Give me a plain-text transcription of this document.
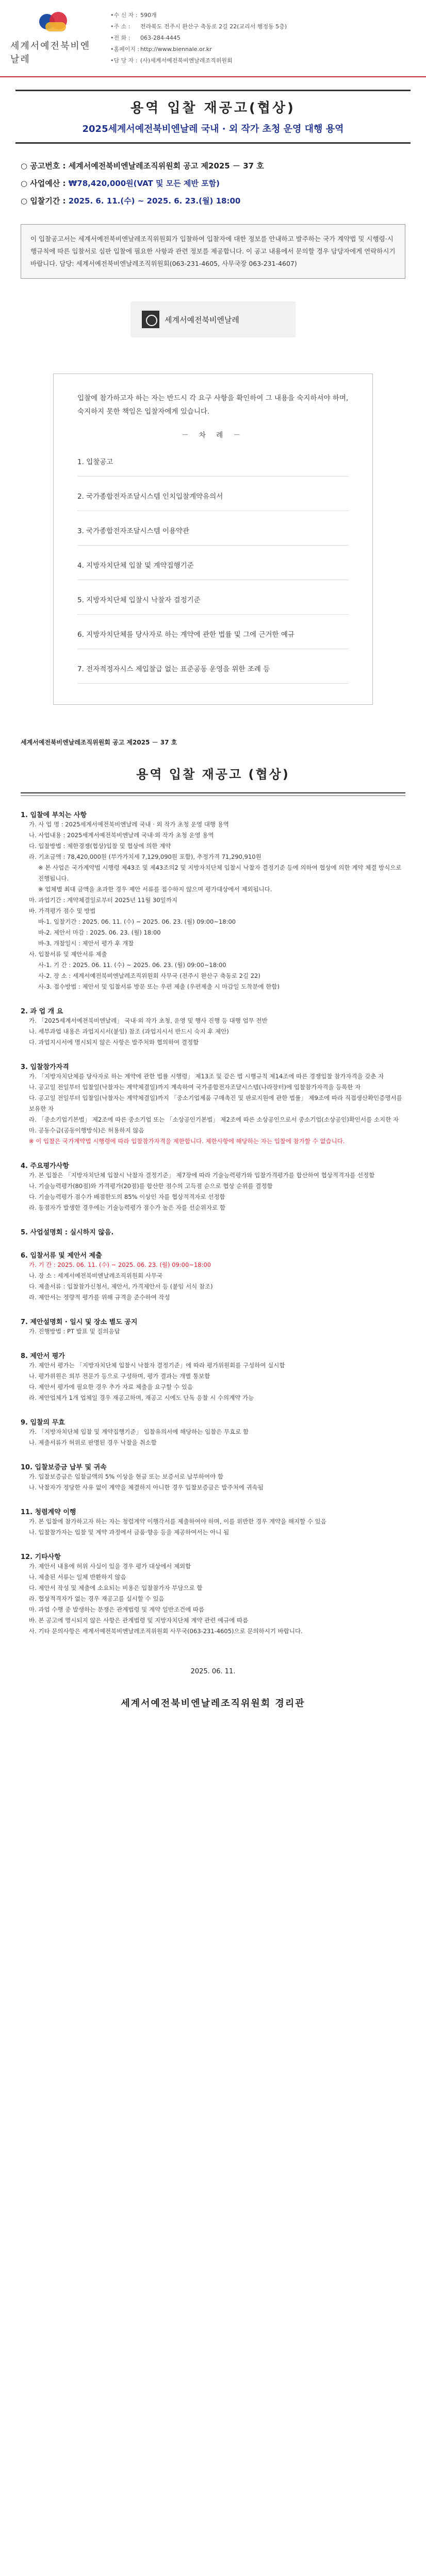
세계서예전북비엔날레
•수 신 자 : 590개
•주 소 :	전라북도 전주시 완산구 축동로 2길 22(교리서 행정동 5층)
•전 화 :	063-284-4445
•홈페이지 : http://www.biennale.or.kr
•담 당 자 : (사)세계서예전북비엔날레조직위원회
용역 입찰 재공고(협상)
2025세계서예전북비엔날레 국내 · 외 작가 초청 운영 대행 용역
○ 공고번호 : 세계서예전북비엔날레조직위원회 공고 제2025 － 37 호
○ 사업예산 : ₩78,420,000원(VAT 및 모든 제반 포함)
○ 입찰기간 : 2025. 6. 11.(수) ~ 2025. 6. 23.(월) 18:00
이 입찰공고서는 세계서예전북비엔날레조직위원회가 입찰하여 입찰자에 대한 정보를 안내하고 발주하는 국가 계약법 및 시행령·시행규칙에 따른 입찰서로 심판 입찰에 필요한 사항과 관련 정보를 제공합니다. 이 공고 내용에서 문의할 경우 담당자에게 연락하시기 바랍니다. 담당: 세계서예전북비엔날레조직위원회(063-231-4605, 사무국장 063-231-4607)
세계서예전북비엔날레
입찰에 참가하고자 하는 자는 반드시 각 요구 사항을 확인하여 그 내용을 숙지하셔야 하며, 숙지하지 못한 책임은 입찰자에게 있습니다.
－ 차 례 －
1. 입찰공고
2. 국가종합전자조달시스템 인치입찰계약유의서
3. 국가종합전자조달시스템 이용약관
4. 지방자치단체 입찰 및 계약집행기준
5. 지방자치단체 입찰시 낙찰자 결정기준
6. 지방자치단체를 당사자로 하는 계약에 관한 법률 및 그에 근거한 예규
7. 전자적정자시스 제입찰급 없는 표준공동 운영을 위한 조례 등
세계서예전북비엔날레조직위원회 공고 제2025 － 37 호
용역 입찰 재공고 (협상)
1. 입찰에 부치는 사항
가. 사 업 명 : 2025세계서예전북비엔날레 국내 · 외 작가 초청 운영 대행 용역
나. 사업내용 : 2025세계서예전북비엔날레 국내·외 작가 초청 운영 용역
다. 입찰방법 : 제한경쟁(협상)입찰 및 협상에 의한 계약
라. 기초금액 : 78,420,000원 (부가가치세 7,129,090원 포함), 추정가격 71,290,910원
※ 본 사업은 국가계약법 시행령 제43조 및 제43조의2 및 지방자치단체 입찰시 낙찰자 결정기준 등에 의하여 협상에 의한 계약 체결 방식으로 진행됩니다.
※ 업체별 최대 금액을 초과한 경우 제안 서류를 접수하지 않으며 평가대상에서 제외됩니다.
마. 과업기간 : 계약체결일로부터 2025년 11월 30일까지
바. 가격평가 점수 및 방법
바-1. 입찰기간 : 2025. 06. 11. (수) ~ 2025. 06. 23. (월) 09:00~18:00
바-2. 제안서 마감 : 2025. 06. 23. (월) 18:00
바-3. 개찰일시 : 제안서 평가 후 개찰
사. 입찰서류 및 제안서류 제출
사-1. 기 간 : 2025. 06. 11. (수) ~ 2025. 06. 23. (월) 09:00~18:00
사-2. 장 소 : 세계서예전북비엔날레조직위원회 사무국 (전주시 완산구 축동로 2길 22)
사-3. 접수방법 : 제안서 및 입찰서류 방문 또는 우편 제출 (우편제출 시 마감일 도착분에 한함)
2. 과 업 개 요
가. 「2025세계서예전북비엔날레」 국내·외 작가 초청, 운영 및 행사 진행 등 대행 업무 전반
나. 세부과업 내용은 과업지시서(붙임) 참조 (과업지시서 반드시 숙지 후 제안)
다. 과업지시서에 명시되지 않은 사항은 발주처와 협의하여 결정함
3. 입찰참가자격
가. 「지방자치단체를 당사자로 하는 계약에 관한 법률 시행령」 제13조 및 같은 법 시행규칙 제14조에 따른 경쟁입찰 참가자격을 갖춘 자
나. 공고일 전일부터 입찰일(낙찰자는 계약체결일)까지 계속하여 국가종합전자조달시스템(나라장터)에 입찰참가자격을 등록한 자
다. 공고일 전일부터 입찰일(낙찰자는 계약체결일)까지 「중소기업제품 구매촉진 및 판로지원에 관한 법률」 제9조에 따라 직접생산확인증명서를 보유한 자
라. 「중소기업기본법」 제2조에 따른 중소기업 또는 「소상공인기본법」 제2조에 따른 소상공인으로서 중소기업(소상공인)확인서를 소지한 자
마. 공동수급(공동이행방식)은 허용하지 않음
※ 이 입찰은 국가계약법 시행령에 따라 입찰참가자격을 제한합니다. 제한사항에 해당하는 자는 입찰에 참가할 수 없습니다.
4. 주요평가사항
가. 본 입찰은 「지방자치단체 입찰시 낙찰자 결정기준」 제7장에 따라 기술능력평가와 입찰가격평가를 합산하여 협상적격자를 선정함
나. 기술능력평가(80점)와 가격평가(20점)를 합산한 점수의 고득점 순으로 협상 순위를 결정함
다. 기술능력평가 점수가 배점한도의 85% 이상인 자를 협상적격자로 선정함
라. 동점자가 발생한 경우에는 기술능력평가 점수가 높은 자를 선순위자로 함
5. 사업설명회 : 실시하지 않음.
6. 입찰서류 및 제안서 제출
가. 기 간 : 2025. 06. 11. (수) ~ 2025. 06. 23. (월) 09:00~18:00
나. 장 소 : 세계서예전북비엔날레조직위원회 사무국
다. 제출서류 : 입찰참가신청서, 제안서, 가격제안서 등 (붙임 서식 참조)
라. 제안서는 정량적 평가를 위해 규격을 준수하여 작성
7. 제안설명회 · 일시 및 장소 별도 공지
가. 진행방법 : PT 발표 및 질의응답
8. 제안서 평가
가. 제안서 평가는 「지방자치단체 입찰시 낙찰자 결정기준」에 따라 평가위원회를 구성하여 실시함
나. 평가위원은 외부 전문가 등으로 구성하며, 평가 결과는 개별 통보함
다. 제안서 평가에 필요한 경우 추가 자료 제출을 요구할 수 있음
라. 제안업체가 1개 업체일 경우 재공고하며, 재공고 시에도 단독 응찰 시 수의계약 가능
9. 입찰의 무효
가. 「지방자치단체 입찰 및 계약집행기준」 입찰유의서에 해당하는 입찰은 무효로 함
나. 제출서류가 허위로 판명된 경우 낙찰을 취소함
10. 입찰보증금 납부 및 귀속
가. 입찰보증금은 입찰금액의 5% 이상을 현금 또는 보증서로 납부하여야 함
나. 낙찰자가 정당한 사유 없이 계약을 체결하지 아니한 경우 입찰보증금은 발주처에 귀속됨
11. 청렴계약 이행
가. 본 입찰에 참가하고자 하는 자는 청렴계약 이행각서를 제출하여야 하며, 이를 위반한 경우 계약을 해지할 수 있음
나. 입찰참가자는 입찰 및 계약 과정에서 금품·향응 등을 제공하여서는 아니 됨
12. 기타사항
가. 제안서 내용에 허위 사실이 있을 경우 평가 대상에서 제외함
나. 제출된 서류는 일체 반환하지 않음
다. 제안서 작성 및 제출에 소요되는 비용은 입찰참가자 부담으로 함
라. 협상적격자가 없는 경우 재공고를 실시할 수 있음
마. 과업 수행 중 발생하는 분쟁은 관계법령 및 계약 일반조건에 따름
바. 본 공고에 명시되지 않은 사항은 관계법령 및 지방자치단체 계약 관련 예규에 따름
사. 기타 문의사항은 세계서예전북비엔날레조직위원회 사무국(063-231-4605)으로 문의하시기 바랍니다.
2025. 06. 11.
세계서예전북비엔날레조직위원회 경리관
